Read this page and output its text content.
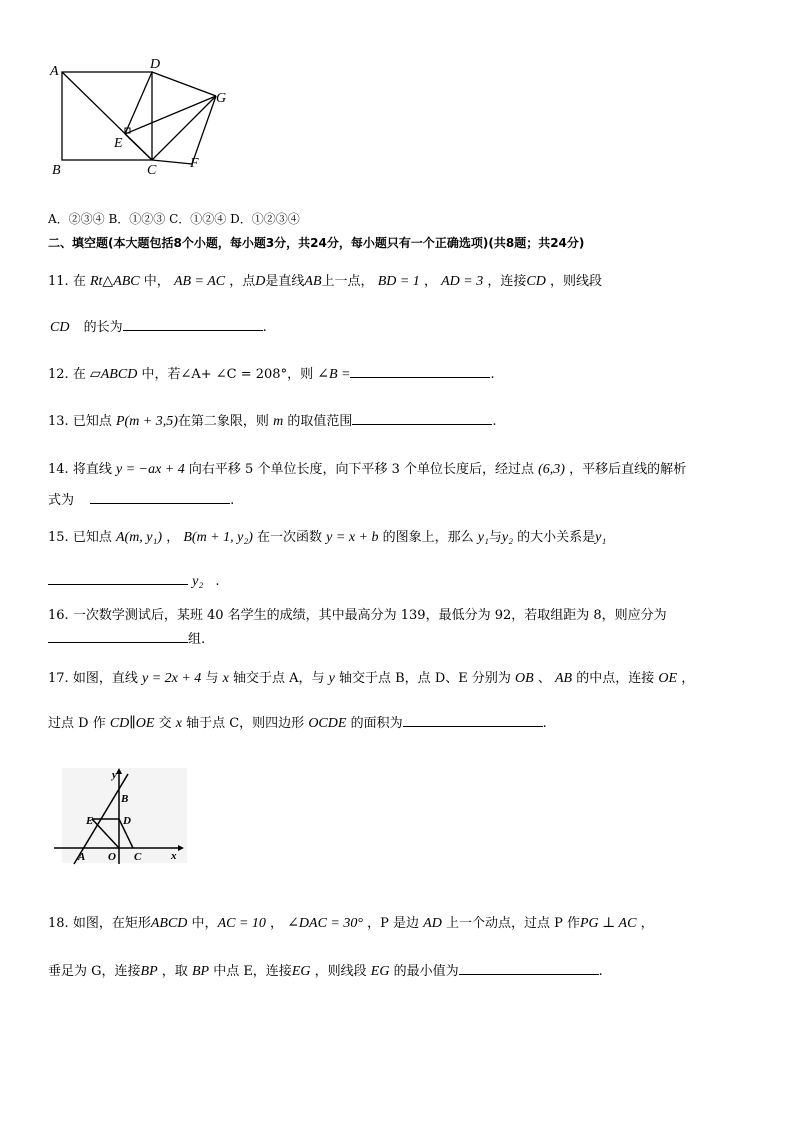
A
B	C
D
E
F
G
A．②③④ B．①②③ C．①②④ D．①②③④
二、填空题(本大题包括8个小题，每小题3分，共24分，每小题只有一个正确选项)(共8题；共24分)
11. 在 Rt△ABC 中， AB = AC ，点D是直线AB上一点， BD = 1 ， AD = 3 ，连接CD ，则线段
CD 的长为	.
12. 在 ▱ABCD 中，若∠A+ ∠C = 208°，则 ∠B =	.
13. 已知点 P(m + 3,5)在第二象限，则 m 的取值范围	.
14. 将直线 y = −ax + 4 向右平移 5 个单位长度，向下平移 3 个单位长度后，经过点 (6,3) ，平移后直线的解析
式为	.
15. 已知点 A(m, y₁) ， B(m + 1, y₂) 在一次函数 y = x + b 的图象上，那么 y₁与y₂ 的大小关系是y₁
y₂ .
16. 一次数学测试后，某班 40 名学生的成绩，其中最高分为 139，最低分为 92，若取组距为 8，则应分为
组.
17. 如图，直线 y = 2x + 4 与 x 轴交于点 A，与 y 轴交于点 B，点 D、E 分别为 OB 、 AB 的中点，连接 OE ，
过点 D 作 CD∥OE 交 x 轴于点 C，则四边形 OCDE 的面积为	.
y
x
B
D
E
A O C
18. 如图，在矩形ABCD 中，AC = 10 ， ∠DAC = 30° ，P 是边 AD 上一个动点，过点 P 作PG ⊥ AC ，
垂足为 G，连接BP ，取 BP 中点 E，连接EG ，则线段 EG 的最小值为	.
